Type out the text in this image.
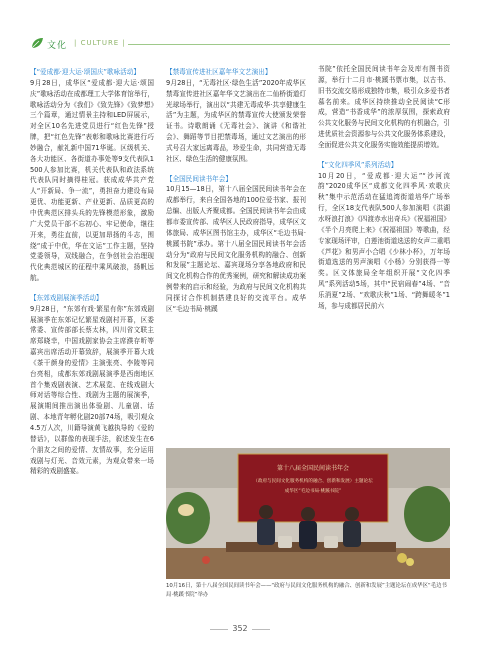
文化 | CULTURE |
【“爱成都·迎大运·颂国庆”歌咏活动】
9月28日，成华区“爱成都·迎大运·颂国庆”歌咏活动在成都理工大学体育馆举行，歌咏活动分为《我们》《致先锋》《致梦想》三个篇章，通过情景主持和LED屏展示，对全区10名先进党员进行“红色先锋”授牌，把“红色先锋”表彰和歌咏比赛进行巧妙融合，献礼新中国71华诞。区级机关、各大功能区、各街道办事处等9支代表队1 500人参加比赛，机关代表队和政法系统代表队同时摘得桂冠。获成成华共产党人“开新局、争一流”，勇担奋力建设布局更优、功能更新、产业更新、品质更高的中优典范区排头兵的先锋模范形象，激励广大党员干部不忘初心、牢记使命，继往开来，勇往直前，以更加昂扬的斗志，围绕“成于中优，华在文运”工作主题，坚持党委领导，双线融合，在争创社会治理现代化典范城区的征程中乘风破浪，扬帆远航。
【东郊戏剧展演季活动】
9月28日，“东郊有戏·繁星有你”东郊戏剧展演季在东郊记忆繁星戏剧村开幕，区委常委、宣传部部长蔡太林，四川省文联主席郑晓幸，中国戏剧家协会主席濮存昕等嘉宾出席活动开幕致辞，展演季开幕大戏《茶干颜身的爱情》主演张亮、李陵等同台亮相，成都东郊戏剧展演季是西南地区首个集戏剧表演、艺术展览、在线戏剧大师对话等综合性、戏剧为主题的展演季，展演期间推出演出体验剧、儿童剧、话剧、本地青年孵化剧20部74场，吸引观众4.5万人次，川籍导演黄飞越执导的《爱的替话》，以群像的表现手法，叙述发生在6个朋友之间的爱情、友情故事，充分运用戏剧与灯光、音效元素，为观众带来一场精彩的戏剧盛宴。
【禁毒宣传进社区嘉年华文艺演出】
9月28日，“无毒社区·绿色生活”2020年成华区禁毒宣传进社区嘉年华文艺演出在二仙桥街道灯光球场举行，演出以“共建无毒成华·共享健康生活”为主题，为成华区的禁毒宣传大使颁发荣誉证书。诗歌朗诵《无毒社会》、演讲《和谐社会》、舞蹈等节目把禁毒场，通过文艺演出的形式号召大家远离毒品，珍爱生命，共同营造无毒社区、绿色生活的健康氛围。
【全国民间读书年会】
10月15—18日，第十八届全国民间读书年会在成都举行，来自全国各地的100位爱书家、报刊总编、出版人齐聚成都。全国民间读书年会由成都市委宣传部、成华区人民政府指导，成华区文体旅局、成华区图书馆主办，成华区“毛边书局·桃蹊书院”承办。第十八届全国民间读书年会活动分为“政府与民间文化服务机构的融合、创新和发展”主题论坛、嘉宾现场分享各地政府和民间文化机构合作的优秀案例，研究和解读成功案例带来的启示和经验，为政府与民间文化机构共同探讨合作机制搭建良好的交流平台。成华区“毛边书局·桃蹊
书院”依托全国民间读书年会及库有图书资源，举行十二月市·桃蹊书票市集，以古书、旧书交流交易形成独特市集，吸引众多爱书者慕名前来。成华区持续推动全民阅读“C形成，营造“书香成华”的浓厚氛围，探索政府公共文化服务与民间文化机构的有机融合，引进优质社会资源参与公共文化服务体系建设，全面促进公共文化服务实施效能提质增效。
【“文化四季风”系列活动】
10月20日，“爱成都·迎大运”“沙河流韵”2020成华区“成都文化四季风·欢歌庆秋”集中示范活动在猛追湾街道培华广场举行，全区18支代表队500人参加演唱《洪湖水呀浪打浪》《四渡赤水出奇兵》《祝福祖国》《半个月亮爬上来》《祝福祖国》等歌曲，经专家现场评审，白莲池街道选送的女声二重唱《芦花》和男声小合唱《少林小杯》，万年场街道选送的男声演唱《小杨》分别获得一等奖。区文体旅局全年组织开展“文化四季风”系列活动5场，其中“民宿闹春”4场、“音乐消夏”2场、“欢歌庆秋”1场、“跨舞暖冬”1场，参与成都居民前六
第十八届全国民间读书年会
（政府与民间文化服务机构的融合、创新和发展）主题论坛
成华区“毛边书局·桃蹊书院”
10月16日，第十八届全国民间读书年会——“政府与民间文化服务机构的融合、创新和发展”主题论坛在成华区“毛边书局·桃蹊书院”举办
352
